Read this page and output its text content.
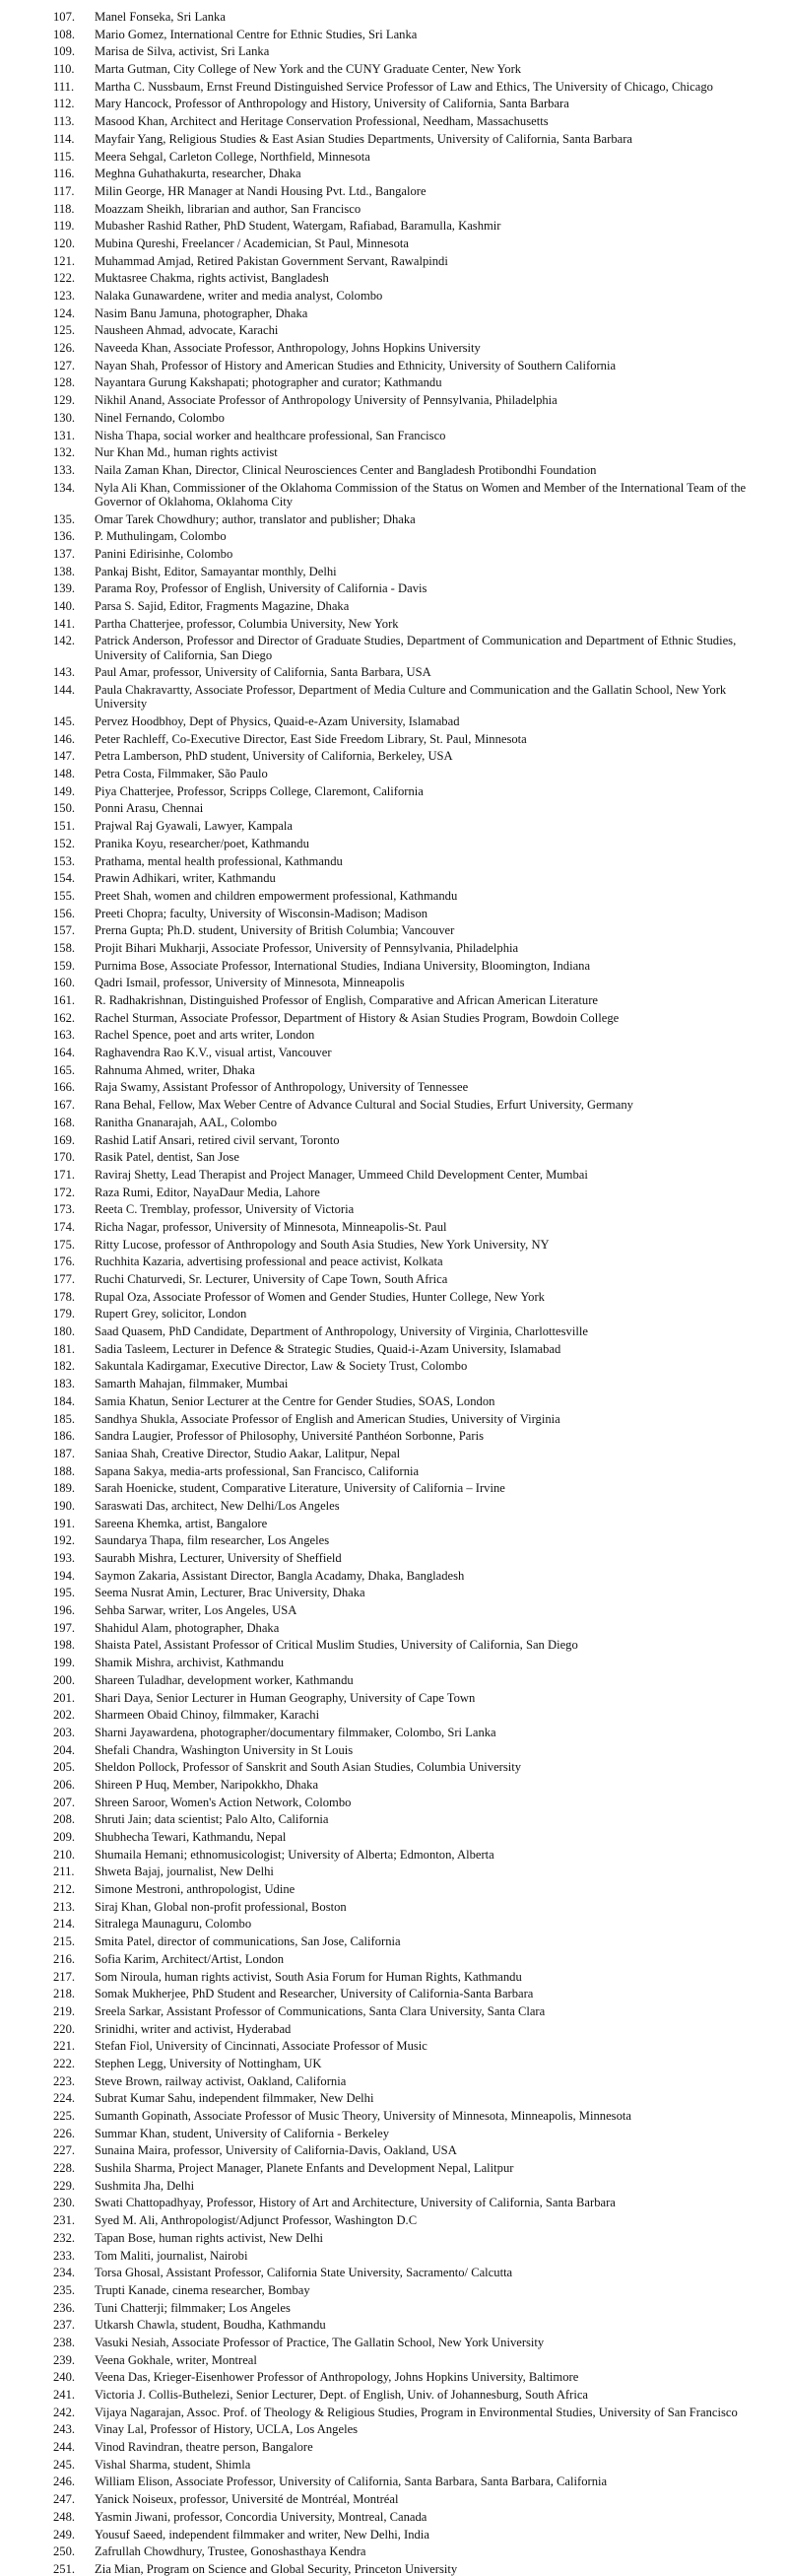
107.	Manel Fonseka, Sri Lanka
108.	Mario Gomez, International Centre for Ethnic Studies, Sri Lanka
109.	Marisa de Silva, activist, Sri Lanka
110.	Marta Gutman, City College of New York and the CUNY Graduate Center, New York
111.	Martha C. Nussbaum, Ernst Freund Distinguished Service Professor of Law and Ethics, The University of Chicago, Chicago
112.	Mary Hancock, Professor of Anthropology and History, University of California, Santa Barbara
113.	Masood Khan, Architect and Heritage Conservation Professional, Needham, Massachusetts
114.	Mayfair Yang, Religious Studies & East Asian Studies Departments, University of California, Santa Barbara
115.	Meera Sehgal, Carleton College, Northfield, Minnesota
116.	Meghna Guhathakurta, researcher, Dhaka
117.	Milin George, HR Manager at Nandi Housing Pvt. Ltd., Bangalore
118.	Moazzam Sheikh, librarian and author, San Francisco
119.	Mubasher Rashid Rather, PhD Student, Watergam, Rafiabad, Baramulla, Kashmir
120.	Mubina Qureshi, Freelancer / Academician, St Paul, Minnesota
121.	Muhammad Amjad, Retired Pakistan Government Servant, Rawalpindi
122.	Muktasree Chakma, rights activist, Bangladesh
123.	Nalaka Gunawardene, writer and media analyst, Colombo
124.	Nasim Banu Jamuna, photographer, Dhaka
125.	Nausheen Ahmad, advocate, Karachi
126.	Naveeda Khan, Associate Professor, Anthropology, Johns Hopkins University
127.	Nayan Shah, Professor of History and American Studies and Ethnicity, University of Southern California
128.	Nayantara Gurung Kakshapati; photographer and curator; Kathmandu
129.	Nikhil Anand, Associate Professor of Anthropology University of Pennsylvania, Philadelphia
130.	Ninel Fernando, Colombo
131.	Nisha Thapa, social worker and healthcare professional, San Francisco
132.	Nur Khan Md., human rights activist
133.	Naila Zaman Khan, Director, Clinical Neurosciences Center and Bangladesh Protibondhi Foundation
134.	Nyla Ali Khan, Commissioner of the Oklahoma Commission of the Status on Women and Member of the International Team of the Governor of Oklahoma, Oklahoma City
135.	Omar Tarek Chowdhury; author, translator and publisher; Dhaka
136.	P. Muthulingam, Colombo
137.	Panini Edirisinhe, Colombo
138.	Pankaj Bisht, Editor, Samayantar monthly, Delhi
139.	Parama Roy, Professor of English, University of California - Davis
140.	Parsa S. Sajid, Editor, Fragments Magazine, Dhaka
141.	Partha Chatterjee, professor, Columbia University, New York
142.	Patrick Anderson, Professor and Director of Graduate Studies, Department of Communication and Department of Ethnic Studies, University of California, San Diego
143.	Paul Amar, professor, University of California, Santa Barbara, USA
144.	Paula Chakravartty, Associate Professor, Department of Media Culture and Communication and the Gallatin School, New York University
145.	Pervez Hoodbhoy, Dept of Physics, Quaid-e-Azam University, Islamabad
146.	Peter Rachleff, Co-Executive Director, East Side Freedom Library, St. Paul, Minnesota
147.	Petra Lamberson, PhD student, University of California, Berkeley, USA
148.	Petra Costa, Filmmaker, São Paulo
149.	Piya Chatterjee, Professor, Scripps College, Claremont, California
150.	Ponni Arasu, Chennai
151.	Prajwal Raj Gyawali, Lawyer, Kampala
152.	Pranika Koyu, researcher/poet, Kathmandu
153.	Prathama, mental health professional, Kathmandu
154.	Prawin Adhikari, writer, Kathmandu
155.	Preet Shah, women and children empowerment professional, Kathmandu
156.	Preeti Chopra; faculty, University of Wisconsin-Madison; Madison
157.	Prerna Gupta; Ph.D. student, University of British Columbia; Vancouver
158.	Projit Bihari Mukharji, Associate Professor, University of Pennsylvania, Philadelphia
159.	Purnima Bose, Associate Professor, International Studies, Indiana University, Bloomington, Indiana
160.	Qadri Ismail, professor, University of Minnesota, Minneapolis
161.	R. Radhakrishnan, Distinguished Professor of English, Comparative and African American Literature
162.	Rachel Sturman, Associate Professor, Department of History & Asian Studies Program, Bowdoin College
163.	Rachel Spence, poet and arts writer, London
164.	Raghavendra Rao K.V., visual artist, Vancouver
165.	Rahnuma Ahmed, writer, Dhaka
166.	Raja Swamy, Assistant Professor of Anthropology, University of Tennessee
167.	Rana Behal, Fellow, Max Weber Centre of Advance Cultural and Social Studies, Erfurt University, Germany
168.	Ranitha Gnanarajah, AAL, Colombo
169.	Rashid Latif Ansari, retired civil servant, Toronto
170.	Rasik Patel, dentist, San Jose
171.	Raviraj Shetty, Lead Therapist and Project Manager, Ummeed Child Development Center, Mumbai
172.	Raza Rumi, Editor, NayaDaur Media, Lahore
173.	Reeta C. Tremblay, professor, University of Victoria
174.	Richa Nagar, professor, University of Minnesota, Minneapolis-St. Paul
175.	Ritty Lucose, professor of Anthropology and South Asia Studies, New York University, NY
176.	Ruchhita Kazaria, advertising professional and peace activist, Kolkata
177.	Ruchi Chaturvedi, Sr. Lecturer, University of Cape Town, South Africa
178.	Rupal Oza, Associate Professor of Women and Gender Studies, Hunter College, New York
179.	Rupert Grey, solicitor, London
180.	Saad Quasem, PhD Candidate, Department of Anthropology, University of Virginia, Charlottesville
181.	Sadia Tasleem, Lecturer in Defence & Strategic Studies, Quaid-i-Azam University, Islamabad
182.	Sakuntala Kadirgamar, Executive Director, Law & Society Trust, Colombo
183.	Samarth Mahajan, filmmaker, Mumbai
184.	Samia Khatun, Senior Lecturer at the Centre for Gender Studies, SOAS, London
185.	Sandhya Shukla, Associate Professor of English and American Studies, University of Virginia
186.	Sandra Laugier, Professor of Philosophy, Université Panthéon Sorbonne, Paris
187.	Saniaa Shah, Creative Director, Studio Aakar, Lalitpur, Nepal
188.	Sapana Sakya, media-arts professional, San Francisco, California
189.	Sarah Hoenicke, student, Comparative Literature, University of California – Irvine
190.	Saraswati Das, architect, New Delhi/Los Angeles
191.	Sareena Khemka, artist, Bangalore
192.	Saundarya Thapa, film researcher, Los Angeles
193.	Saurabh Mishra, Lecturer, University of Sheffield
194.	Saymon Zakaria, Assistant Director, Bangla Acadamy, Dhaka, Bangladesh
195.	Seema Nusrat Amin, Lecturer, Brac University, Dhaka
196.	Sehba Sarwar, writer, Los Angeles, USA
197.	Shahidul Alam, photographer, Dhaka
198.	Shaista Patel, Assistant Professor of Critical Muslim Studies, University of California, San Diego
199.	Shamik Mishra, archivist, Kathmandu
200.	Shareen Tuladhar, development worker, Kathmandu
201.	Shari Daya, Senior Lecturer in Human Geography, University of Cape Town
202.	Sharmeen Obaid Chinoy, filmmaker, Karachi
203.	Sharni Jayawardena, photographer/documentary filmmaker, Colombo, Sri Lanka
204.	Shefali Chandra, Washington University in St Louis
205.	Sheldon Pollock, Professor of Sanskrit and South Asian Studies, Columbia University
206.	Shireen P Huq, Member, Naripokkho, Dhaka
207.	Shreen Saroor, Women's Action Network, Colombo
208.	Shruti Jain; data scientist; Palo Alto, California
209.	Shubhecha Tewari, Kathmandu, Nepal
210.	Shumaila Hemani; ethnomusicologist; University of Alberta; Edmonton, Alberta
211.	Shweta Bajaj, journalist, New Delhi
212.	Simone Mestroni, anthropologist, Udine
213.	Siraj Khan, Global non-profit professional, Boston
214.	Sitralega Maunaguru, Colombo
215.	Smita Patel, director of communications, San Jose, California
216.	Sofia Karim, Architect/Artist, London
217.	Som Niroula, human rights activist, South Asia Forum for Human Rights, Kathmandu
218.	Somak Mukherjee, PhD Student and Researcher, University of California-Santa Barbara
219.	Sreela Sarkar, Assistant Professor of Communications, Santa Clara University, Santa Clara
220.	Srinidhi, writer and activist, Hyderabad
221.	Stefan Fiol, University of Cincinnati, Associate Professor of Music
222.	Stephen Legg, University of Nottingham, UK
223.	Steve Brown, railway activist, Oakland, California
224.	Subrat Kumar Sahu, independent filmmaker, New Delhi
225.	Sumanth Gopinath, Associate Professor of Music Theory, University of Minnesota, Minneapolis, Minnesota
226.	Summar Khan, student, University of California - Berkeley
227.	Sunaina Maira, professor, University of California-Davis, Oakland, USA
228.	Sushila Sharma, Project Manager, Planete Enfants and Development Nepal, Lalitpur
229.	Sushmita Jha, Delhi
230.	Swati Chattopadhyay, Professor, History of Art and Architecture, University of California, Santa Barbara
231.	Syed M. Ali, Anthropologist/Adjunct Professor, Washington D.C
232.	Tapan Bose, human rights activist, New Delhi
233.	Tom Maliti, journalist, Nairobi
234.	Torsa Ghosal, Assistant Professor, California State University, Sacramento/ Calcutta
235.	Trupti Kanade, cinema researcher, Bombay
236.	Tuni Chatterji; filmmaker; Los Angeles
237.	Utkarsh Chawla, student, Boudha, Kathmandu
238.	Vasuki Nesiah, Associate Professor of Practice, The Gallatin School, New York University
239.	Veena Gokhale, writer, Montreal
240.	Veena Das, Krieger-Eisenhower Professor of Anthropology, Johns Hopkins University, Baltimore
241.	Victoria J. Collis-Buthelezi, Senior Lecturer, Dept. of English, Univ. of Johannesburg, South Africa
242.	Vijaya Nagarajan, Assoc. Prof. of Theology & Religious Studies, Program in Environmental Studies, University of San Francisco
243.	Vinay Lal, Professor of History, UCLA, Los Angeles
244.	Vinod Ravindran, theatre person, Bangalore
245.	Vishal Sharma, student, Shimla
246.	William Elison, Associate Professor, University of California, Santa Barbara, Santa Barbara, California
247.	Yanick Noiseux, professor, Université de Montréal, Montréal
248.	Yasmin Jiwani, professor, Concordia University, Montreal, Canada
249.	Yousuf Saeed, independent filmmaker and writer, New Delhi, India
250.	Zafrullah Chowdhury, Trustee, Gonoshasthaya Kendra
251.	Zia Mian, Program on Science and Global Security, Princeton University
